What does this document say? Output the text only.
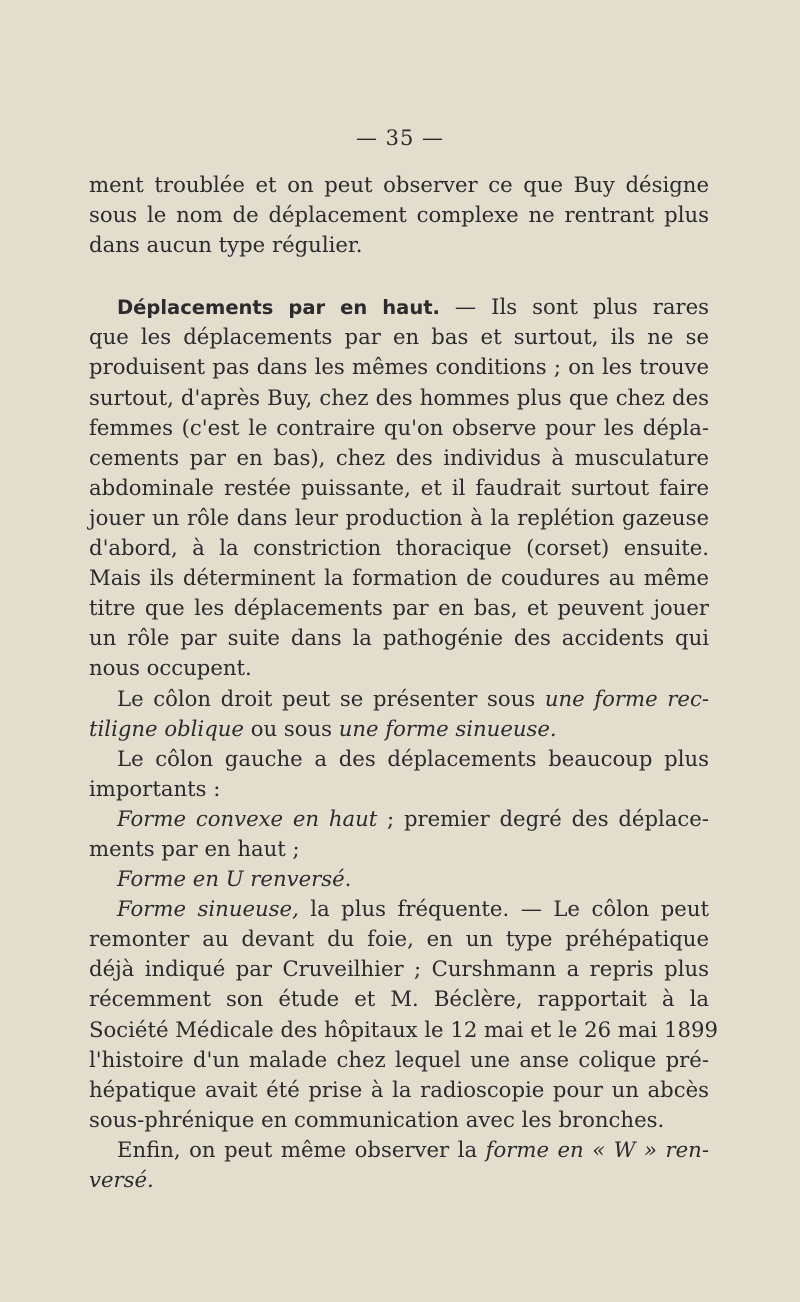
— 35 —
ment troublée et on peut observer ce que Buy désigne
sous le nom de déplacement complexe ne rentrant plus
dans aucun type régulier.
Déplacements par en haut. — Ils sont plus rares
que les déplacements par en bas et surtout, ils ne se
produisent pas dans les mêmes conditions ; on les trouve
surtout, d'après Buy, chez des hommes plus que chez des
femmes (c'est le contraire qu'on observe pour les dépla-
cements par en bas), chez des individus à musculature
abdominale restée puissante, et il faudrait surtout faire
jouer un rôle dans leur production à la replétion gazeuse
d'abord, à la constriction thoracique (corset) ensuite.
Mais ils déterminent la formation de coudures au même
titre que les déplacements par en bas, et peuvent jouer
un rôle par suite dans la pathogénie des accidents qui
nous occupent.
Le côlon droit peut se présenter sous une forme rec-
tiligne oblique ou sous une forme sinueuse.
Le côlon gauche a des déplacements beaucoup plus
importants :
Forme convexe en haut ; premier degré des déplace-
ments par en haut ;
Forme en U renversé.
Forme sinueuse, la plus fréquente. — Le côlon peut
remonter au devant du foie, en un type préhépatique
déjà indiqué par Cruveilhier ; Curshmann a repris plus
récemment son étude et M. Béclère, rapportait à la
Société Médicale des hôpitaux le 12 mai et le 26 mai 1899
l'histoire d'un malade chez lequel une anse colique pré-
hépatique avait été prise à la radioscopie pour un abcès
sous-phrénique en communication avec les bronches.
Enfin, on peut même observer la forme en « W » ren-
versé.
